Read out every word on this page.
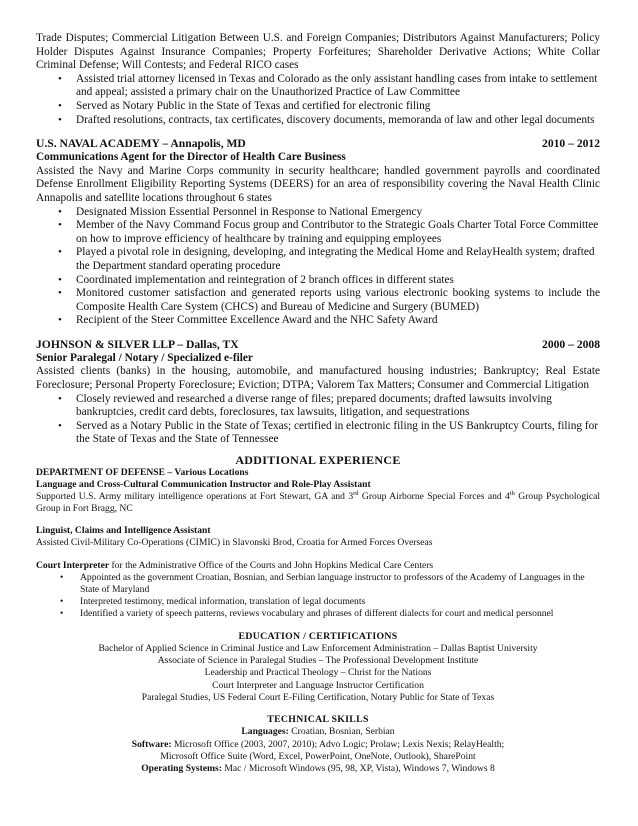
Trade Disputes; Commercial Litigation Between U.S. and Foreign Companies; Distributors Against Manufacturers; Policy Holder Disputes Against Insurance Companies; Property Forfeitures; Shareholder Derivative Actions; White Collar Criminal Defense; Will Contests; and Federal RICO cases
• Assisted trial attorney licensed in Texas and Colorado as the only assistant handling cases from intake to settlement and appeal; assisted a primary chair on the Unauthorized Practice of Law Committee
• Served as Notary Public in the State of Texas and certified for electronic filing
• Drafted resolutions, contracts, tax certificates, discovery documents, memoranda of law and other legal documents
U.S. NAVAL ACADEMY – Annapolis, MD	2010 – 2012
Communications Agent for the Director of Health Care Business
Assisted the Navy and Marine Corps community in security healthcare; handled government payrolls and coordinated Defense Enrollment Eligibility Reporting Systems (DEERS) for an area of responsibility covering the Naval Health Clinic Annapolis and satellite locations throughout 6 states
• Designated Mission Essential Personnel in Response to National Emergency
• Member of the Navy Command Focus group and Contributor to the Strategic Goals Charter Total Force Committee on how to improve efficiency of healthcare by training and equipping employees
• Played a pivotal role in designing, developing, and integrating the Medical Home and RelayHealth system; drafted the Department standard operating procedure
• Coordinated implementation and reintegration of 2 branch offices in different states
• Monitored customer satisfaction and generated reports using various electronic booking systems to include the Composite Health Care System (CHCS) and Bureau of Medicine and Surgery (BUMED)
• Recipient of the Steer Committee Excellence Award and the NHC Safety Award
JOHNSON & SILVER LLP – Dallas, TX	2000 – 2008
Senior Paralegal / Notary / Specialized e-filer
Assisted clients (banks) in the housing, automobile, and manufactured housing industries; Bankruptcy; Real Estate Foreclosure; Personal Property Foreclosure; Eviction; DTPA; Valorem Tax Matters; Consumer and Commercial Litigation
• Closely reviewed and researched a diverse range of files; prepared documents; drafted lawsuits involving bankruptcies, credit card debts, foreclosures, tax lawsuits, litigation, and sequestrations
• Served as a Notary Public in the State of Texas; certified in electronic filing in the US Bankruptcy Courts, filing for the State of Texas and the State of Tennessee
ADDITIONAL EXPERIENCE
DEPARTMENT OF DEFENSE – Various Locations
Language and Cross-Cultural Communication Instructor and Role-Play Assistant
Supported U.S. Army military intelligence operations at Fort Stewart, GA and 3rd Group Airborne Special Forces and 4th Group Psychological Group in Fort Bragg, NC
Linguist, Claims and Intelligence Assistant
Assisted Civil-Military Co-Operations (CIMIC) in Slavonski Brod, Croatia for Armed Forces Overseas
Court Interpreter for the Administrative Office of the Courts and John Hopkins Medical Care Centers
• Appointed as the government Croatian, Bosnian, and Serbian language instructor to professors of the Academy of Languages in the State of Maryland
• Interpreted testimony, medical information, translation of legal documents
• Identified a variety of speech patterns, reviews vocabulary and phrases of different dialects for court and medical personnel
EDUCATION / CERTIFICATIONS
Bachelor of Applied Science in Criminal Justice and Law Enforcement Administration – Dallas Baptist University
Associate of Science in Paralegal Studies – The Professional Development Institute
Leadership and Practical Theology – Christ for the Nations
Court Interpreter and Language Instructor Certification
Paralegal Studies, US Federal Court E-Filing Certification, Notary Public for State of Texas
TECHNICAL SKILLS
Languages: Croatian, Bosnian, Serbian
Software: Microsoft Office (2003, 2007, 2010); Advo Logic; Prolaw; Lexis Nexis; RelayHealth;
Microsoft Office Suite (Word, Excel, PowerPoint, OneNote, Outlook), SharePoint
Operating Systems: Mac / Microsoft Windows (95, 98, XP, Vista), Windows 7, Windows 8
